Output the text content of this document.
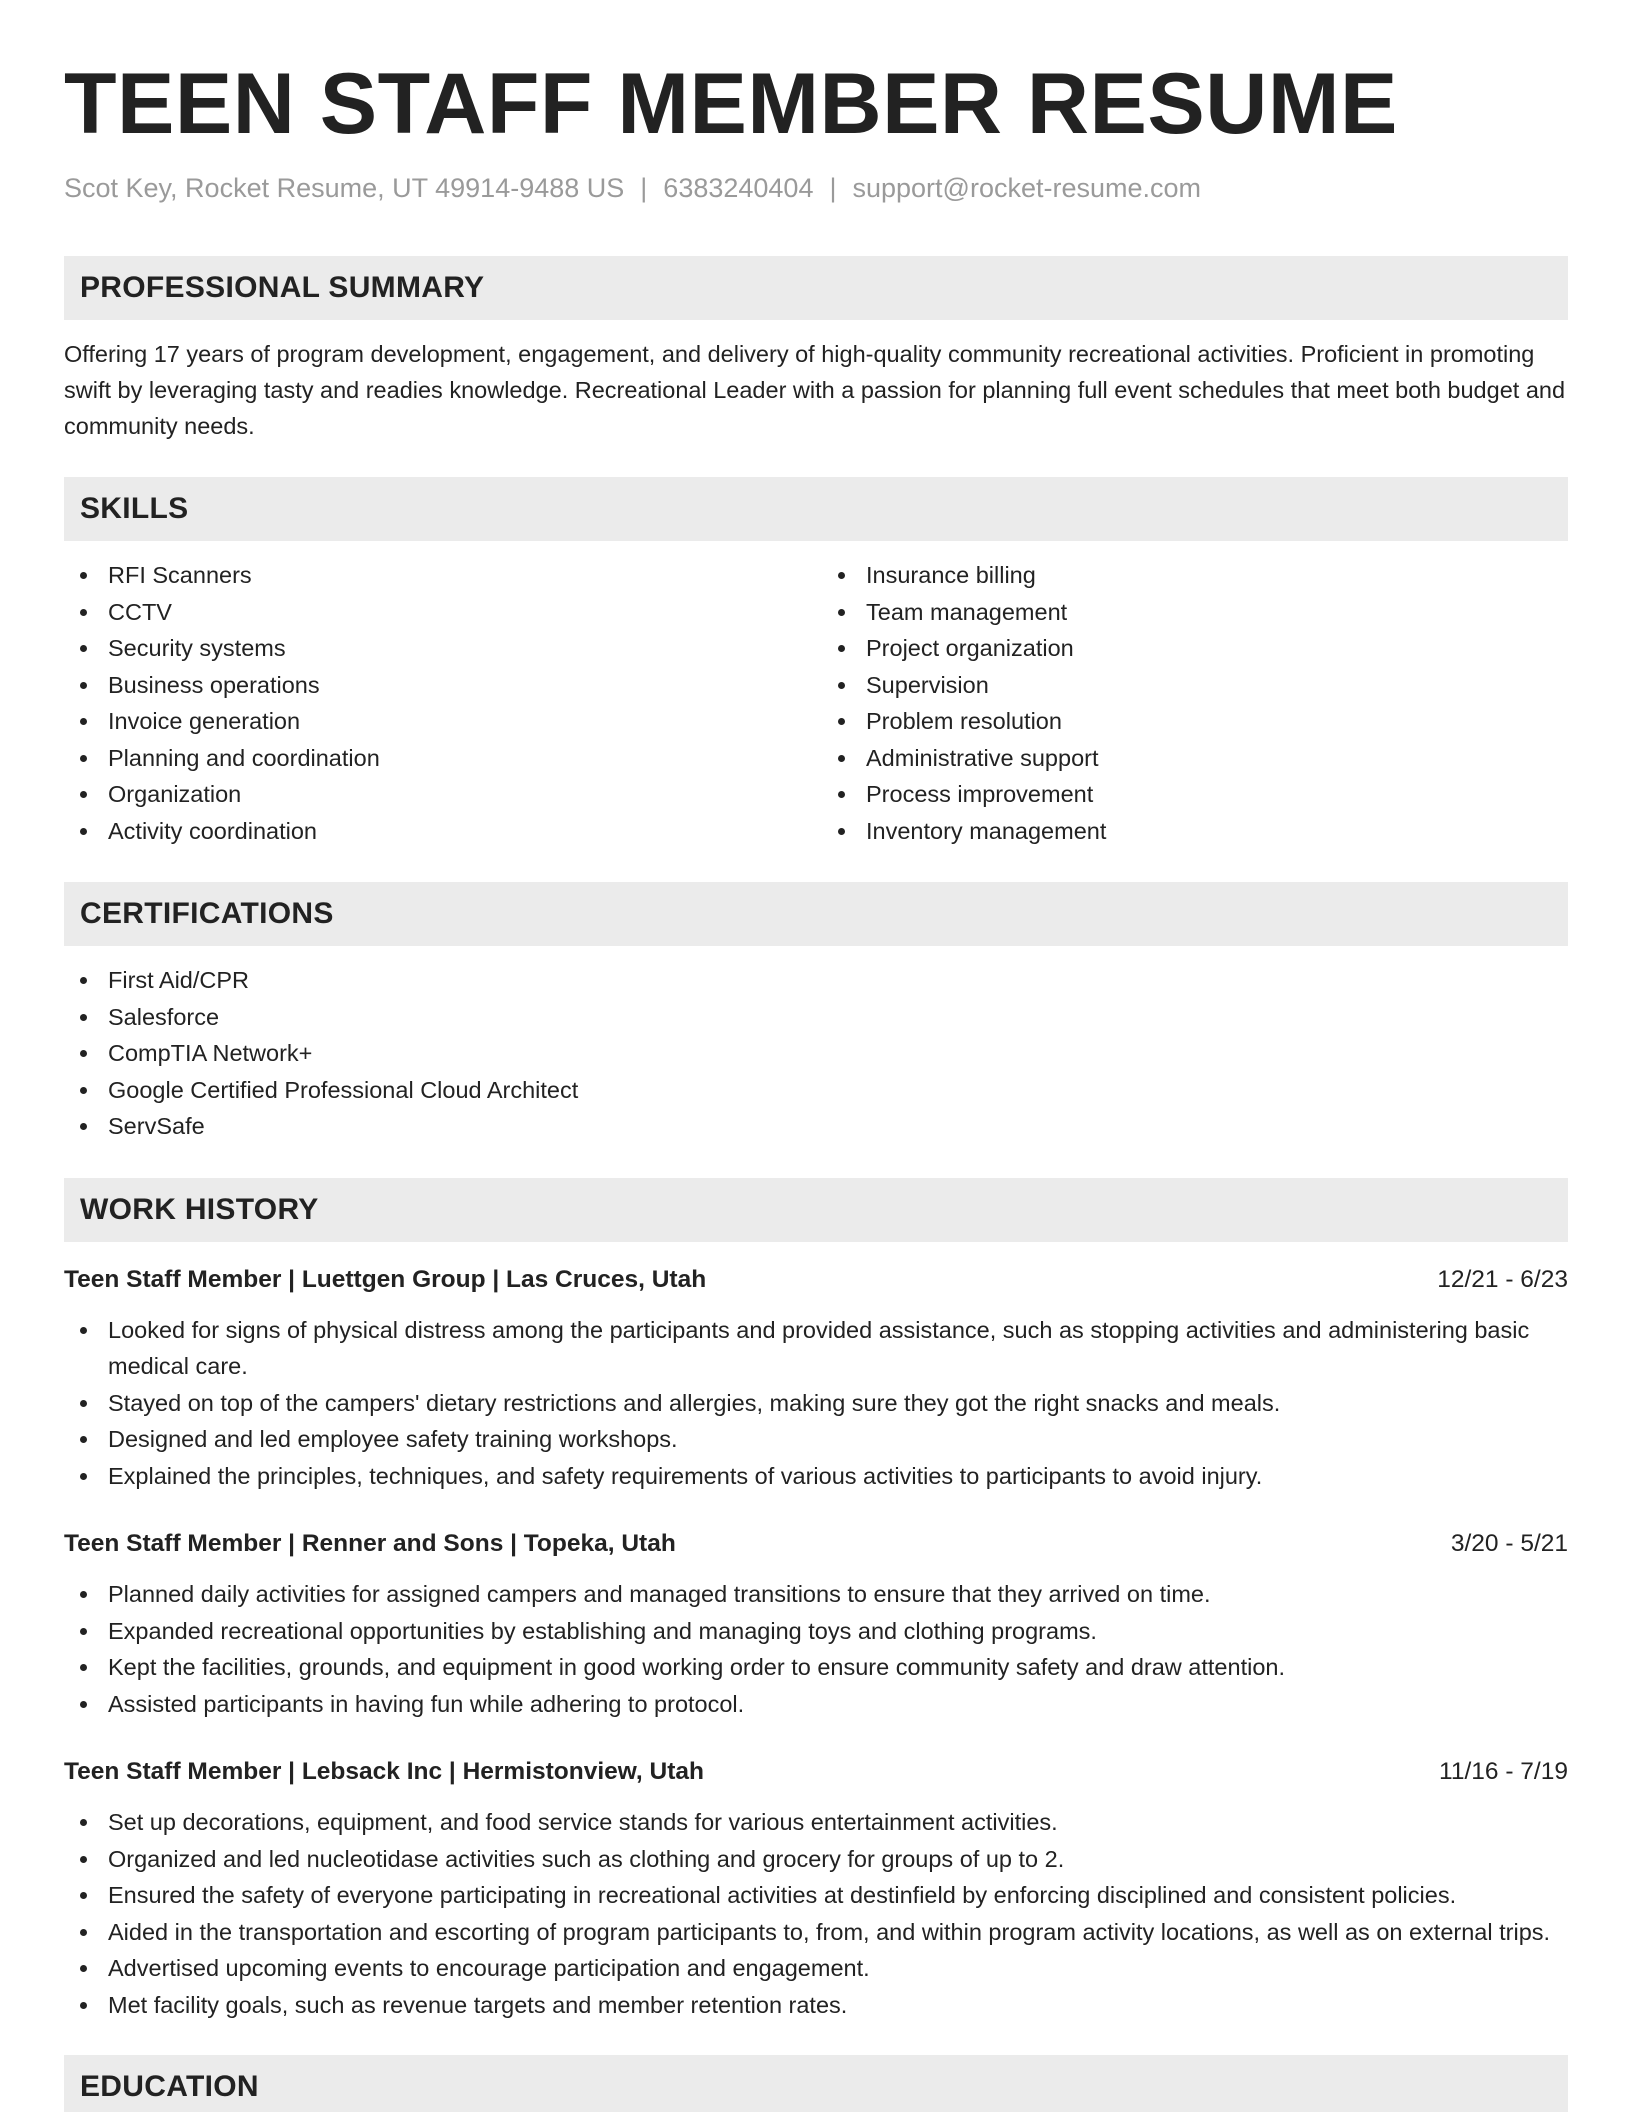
TEEN STAFF MEMBER RESUME
Scot Key, Rocket Resume, UT 49914-9488 US | 6383240404 | support@rocket-resume.com
PROFESSIONAL SUMMARY

Offering 17 years of program development, engagement, and delivery of high-quality community recreational activities. Proficient in promoting swift by leveraging tasty and readies knowledge. Recreational Leader with a passion for planning full event schedules that meet both budget and community needs.

SKILLS
RFI Scanners
CCTV
Security systems
Business operations
Invoice generation
Planning and coordination
Organization
Activity coordination
Insurance billing
Team management
Project organization
Supervision
Problem resolution
Administrative support
Process improvement
Inventory management
CERTIFICATIONS
First Aid/CPR
Salesforce
CompTIA Network+
Google Certified Professional Cloud Architect
ServSafe
WORK HISTORY
Teen Staff Member | Luettgen Group | Las Cruces, Utah	12/21 - 6/23
Looked for signs of physical distress among the participants and provided assistance, such as stopping activities and administering basic medical care.
Stayed on top of the campers' dietary restrictions and allergies, making sure they got the right snacks and meals.
Designed and led employee safety training workshops.
Explained the principles, techniques, and safety requirements of various activities to participants to avoid injury.
Teen Staff Member | Renner and Sons | Topeka, Utah	3/20 - 5/21
Planned daily activities for assigned campers and managed transitions to ensure that they arrived on time.
Expanded recreational opportunities by establishing and managing toys and clothing programs.
Kept the facilities, grounds, and equipment in good working order to ensure community safety and draw attention.
Assisted participants in having fun while adhering to protocol.
Teen Staff Member | Lebsack Inc | Hermistonview, Utah	11/16 - 7/19
Set up decorations, equipment, and food service stands for various entertainment activities.
Organized and led nucleotidase activities such as clothing and grocery for groups of up to 2.
Ensured the safety of everyone participating in recreational activities at destinfield by enforcing disciplined and consistent policies.
Aided in the transportation and escorting of program participants to, from, and within program activity locations, as well as on external trips.
Advertised upcoming events to encourage participation and engagement.
Met facility goals, such as revenue targets and member retention rates.
EDUCATION
